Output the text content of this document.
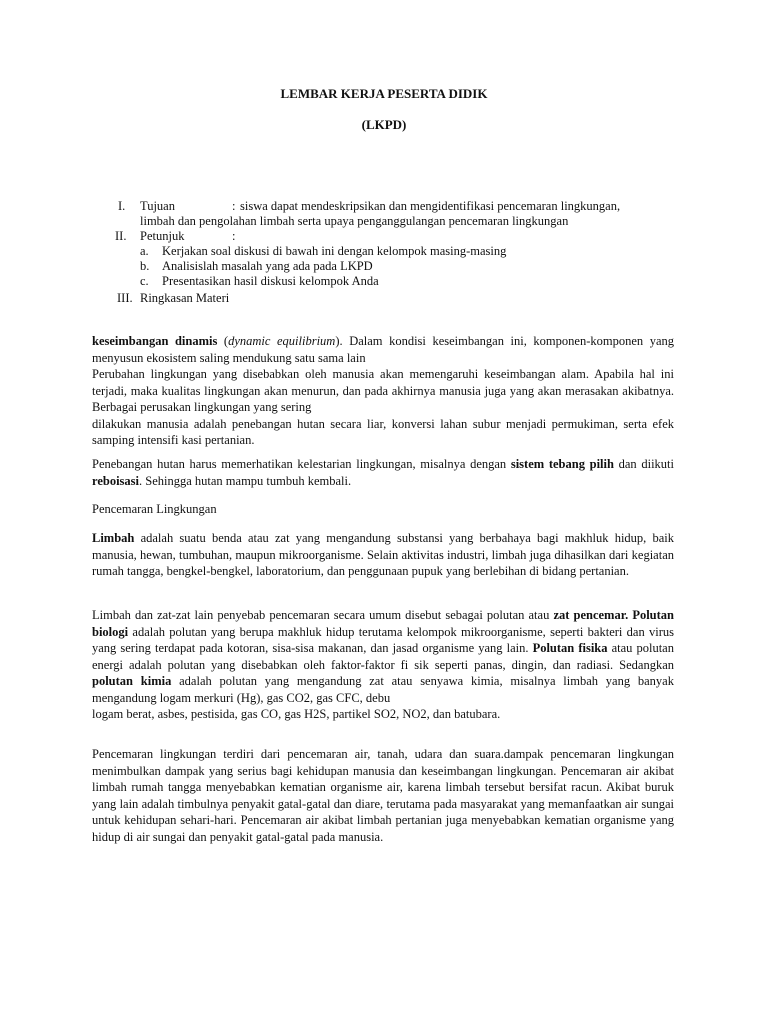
LEMBAR KERJA PESERTA DIDIK
(LKPD)
I. Tujuan	: siswa dapat mendeskripsikan dan mengidentifikasi pencemaran lingkungan,
limbah dan pengolahan limbah serta upaya penganggulangan pencemaran lingkungan
II. Petunjuk	:
a. Kerjakan soal diskusi di bawah ini dengan kelompok masing-masing
b. Analisislah masalah yang ada pada LKPD
c. Presentasikan hasil diskusi kelompok Anda
III. Ringkasan Materi

keseimbangan dinamis (dynamic equilibrium). Dalam kondisi keseimbangan ini, komponen-komponen yang menyusun ekosistem saling mendukung satu sama lain

Perubahan lingkungan yang disebabkan oleh manusia akan memengaruhi keseimbangan alam. Apabila hal ini terjadi, maka kualitas lingkungan akan menurun, dan pada akhirnya manusia juga yang akan merasakan akibatnya. Berbagai perusakan lingkungan yang sering

dilakukan manusia adalah penebangan hutan secara liar, konversi lahan subur menjadi permukiman, serta efek samping intensifi kasi pertanian.

Penebangan hutan harus memerhatikan kelestarian lingkungan, misalnya dengan sistem tebang pilih dan diikuti reboisasi. Sehingga hutan mampu tumbuh kembali.

Pencemaran Lingkungan

Limbah adalah suatu benda atau zat yang mengandung substansi yang berbahaya bagi makhluk hidup, baik manusia, hewan, tumbuhan, maupun mikroorganisme. Selain aktivitas industri, limbah juga dihasilkan dari kegiatan rumah tangga, bengkel-bengkel, laboratorium, dan penggunaan pupuk yang berlebihan di bidang pertanian.

Limbah dan zat-zat lain penyebab pencemaran secara umum disebut sebagai polutan atau zat pencemar. Polutan biologi adalah polutan yang berupa makhluk hidup terutama kelompok mikroorganisme, seperti bakteri dan virus yang sering terdapat pada kotoran, sisa-sisa makanan, dan jasad organisme yang lain. Polutan fisika atau polutan energi adalah polutan yang disebabkan oleh faktor-faktor fi sik seperti panas, dingin, dan radiasi. Sedangkan polutan kimia adalah polutan yang mengandung zat atau senyawa kimia, misalnya limbah yang banyak mengandung logam merkuri (Hg), gas CO2, gas CFC, debu

logam berat, asbes, pestisida, gas CO, gas H2S, partikel SO2, NO2, dan batubara.

Pencemaran lingkungan terdiri dari pencemaran air, tanah, udara dan suara.dampak pencemaran lingkungan menimbulkan dampak yang serius bagi kehidupan manusia dan keseimbangan lingkungan. Pencemaran air akibat limbah rumah tangga menyebabkan kematian organisme air, karena limbah tersebut bersifat racun. Akibat buruk yang lain adalah timbulnya penyakit gatal-gatal dan diare, terutama pada masyarakat yang memanfaatkan air sungai untuk kehidupan sehari-hari. Pencemaran air akibat limbah pertanian juga menyebabkan kematian organisme yang hidup di air sungai dan penyakit gatal-gatal pada manusia.
